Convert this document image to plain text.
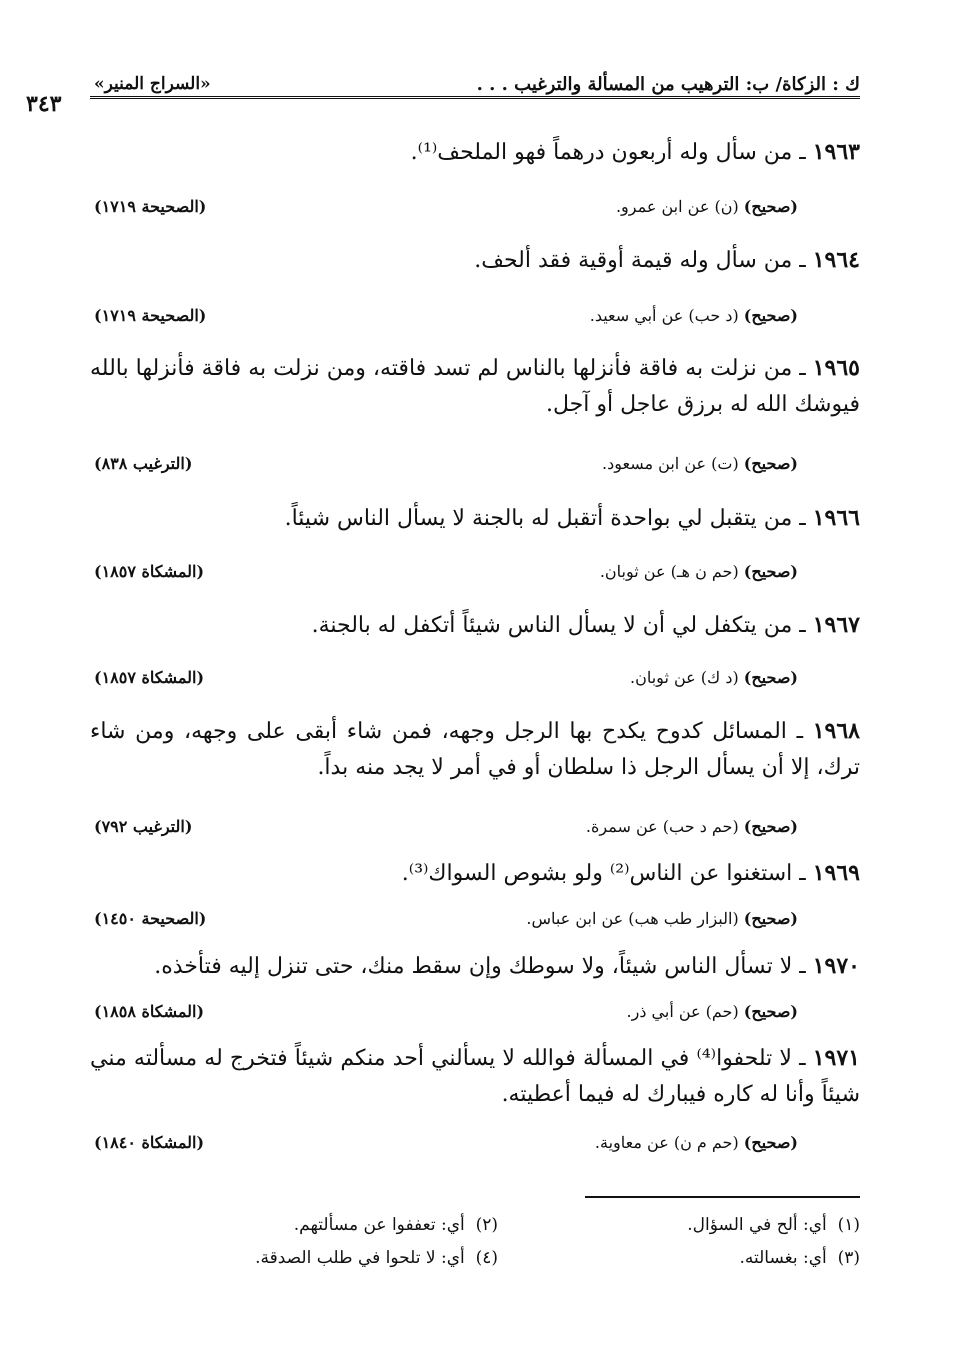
ك : الزكاة/ ب: الترهيب من المسألة والترغيب . . .
«السراج المنير»
٣٤٣
١٩٦٣ ـ من سأل وله أربعون درهماً فهو الملحف⁽¹⁾.
(صحيح) (ن) عن ابن عمرو.
(الصحيحة ١٧١٩)
١٩٦٤ ـ من سأل وله قيمة أوقية فقد ألحف.
(صحيح) (د حب) عن أبي سعيد.
(الصحيحة ١٧١٩)
١٩٦٥ ـ من نزلت به فاقة فأنزلها بالناس لم تسد فاقته، ومن نزلت به فاقة فأنزلها بالله فيوشك الله له برزق عاجل أو آجل.
(صحيح) (ت) عن ابن مسعود.
(الترغيب ٨٣٨)
١٩٦٦ ـ من يتقبل لي بواحدة أتقبل له بالجنة لا يسأل الناس شيئاً.
(صحيح) (حم ن هـ) عن ثوبان.
(المشكاة ١٨٥٧)
١٩٦٧ ـ من يتكفل لي أن لا يسأل الناس شيئاً أتكفل له بالجنة.
(صحيح) (د ك) عن ثوبان.
(المشكاة ١٨٥٧)
١٩٦٨ ـ المسائل كدوح يكدح بها الرجل وجهه، فمن شاء أبقى على وجهه، ومن شاء ترك، إلا أن يسأل الرجل ذا سلطان أو في أمر لا يجد منه بداً.
(صحيح) (حم د حب) عن سمرة.
(الترغيب ٧٩٢)
١٩٦٩ ـ استغنوا عن الناس⁽²⁾ ولو بشوص السواك⁽³⁾.
(صحيح) (البزار طب هب) عن ابن عباس.
(الصحيحة ١٤٥٠)
١٩٧٠ ـ لا تسأل الناس شيئاً، ولا سوطك وإن سقط منك، حتى تنزل إليه فتأخذه.
(صحيح) (حم) عن أبي ذر.
(المشكاة ١٨٥٨)
١٩٧١ ـ لا تلحفوا⁽⁴⁾ في المسألة فوالله لا يسألني أحد منكم شيئاً فتخرج له مسألته مني شيئاً وأنا له كاره فيبارك له فيما أعطيته.
(صحيح) (حم م ن) عن معاوية.
(المشكاة ١٨٤٠)
(١)  أي: ألح في السؤال.
(٢)  أي: تعففوا عن مسألتهم.
(٣)  أي: بغسالته.
(٤)  أي: لا تلحوا في طلب الصدقة.
